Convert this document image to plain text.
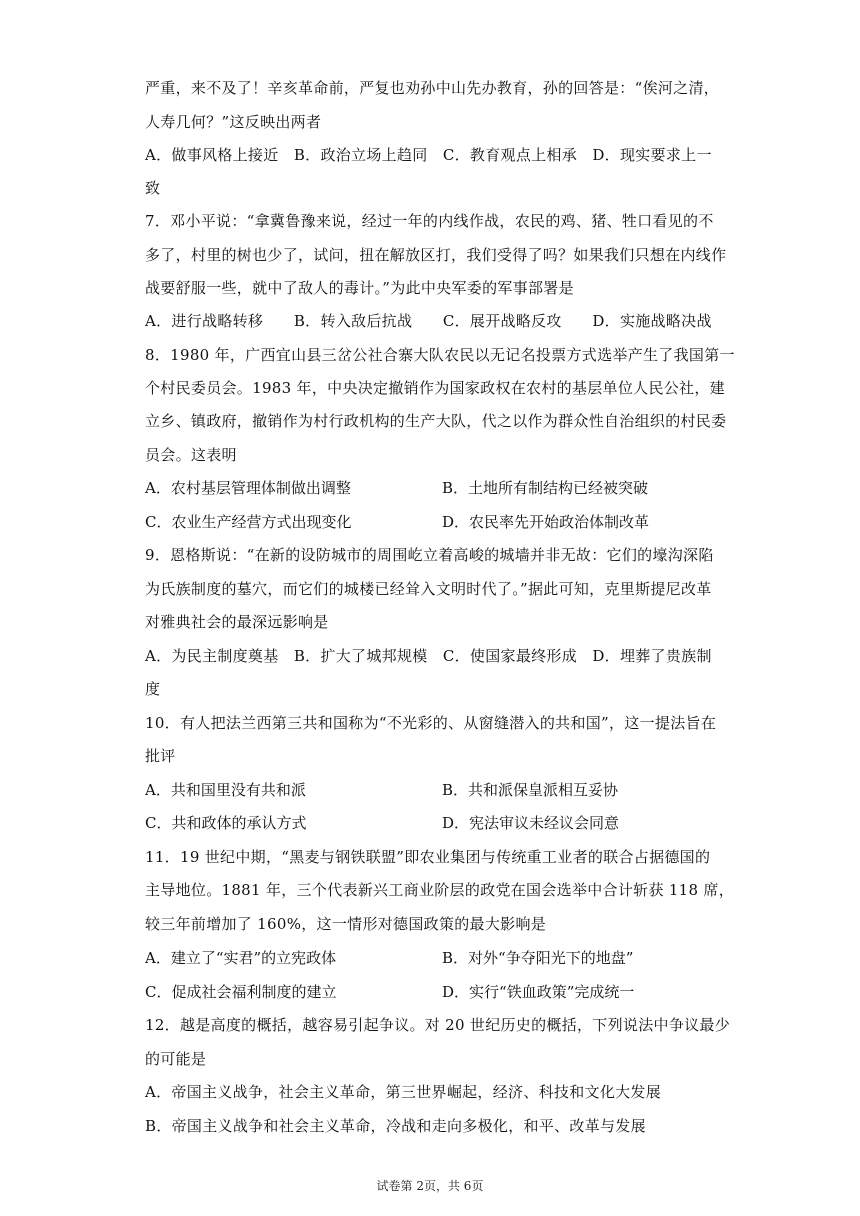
严重，来不及了！辛亥革命前，严复也劝孙中山先办教育，孙的回答是：“俟河之清，
人寿几何？”这反映出两者
A．做事风格上接近　B．政治立场上趋同　C．教育观点上相承　D．现实要求上一
致
7．邓小平说：“拿冀鲁豫来说，经过一年的内线作战，农民的鸡、猪、牲口看见的不
多了，村里的树也少了，试问，扭在解放区打，我们受得了吗？如果我们只想在内线作
战要舒服一些，就中了敌人的毒计。”为此中央军委的军事部署是
A．进行战略转移　　B．转入敌后抗战　　C．展开战略反攻　　D．实施战略决战
8．1980 年，广西宜山县三岔公社合寨大队农民以无记名投票方式选举产生了我国第一
个村民委员会。1983 年，中央决定撤销作为国家政权在农村的基层单位人民公社，建
立乡、镇政府，撤销作为村行政机构的生产大队，代之以作为群众性自治组织的村民委
员会。这表明
A．农村基层管理体制做出调整	B．土地所有制结构已经被突破
C．农业生产经营方式出现变化	D．农民率先开始政治体制改革
9．恩格斯说：“在新的设防城市的周围屹立着高峻的城墙并非无故：它们的壕沟深陷
为氏族制度的墓穴，而它们的城楼已经耸入文明时代了。”据此可知，克里斯提尼改革
对雅典社会的最深远影响是
A．为民主制度奠基　B．扩大了城邦规模　C．使国家最终形成　D．埋葬了贵族制
度
10．有人把法兰西第三共和国称为“不光彩的、从窗缝潜入的共和国”，这一提法旨在
批评
A．共和国里没有共和派	B．共和派保皇派相互妥协
C．共和政体的承认方式	D．宪法审议未经议会同意
11．19 世纪中期，“黑麦与钢铁联盟”即农业集团与传统重工业者的联合占据德国的
主导地位。1881 年，三个代表新兴工商业阶层的政党在国会选举中合计斩获 118 席，
较三年前增加了 160%，这一情形对德国政策的最大影响是
A．建立了“实君”的立宪政体	B．对外“争夺阳光下的地盘”
C．促成社会福利制度的建立	D．实行“铁血政策”完成统一
12．越是高度的概括，越容易引起争议。对 20 世纪历史的概括，下列说法中争议最少
的可能是
A．帝国主义战争，社会主义革命，第三世界崛起，经济、科技和文化大发展
B．帝国主义战争和社会主义革命，冷战和走向多极化，和平、改革与发展
试卷第 2页，共 6页
